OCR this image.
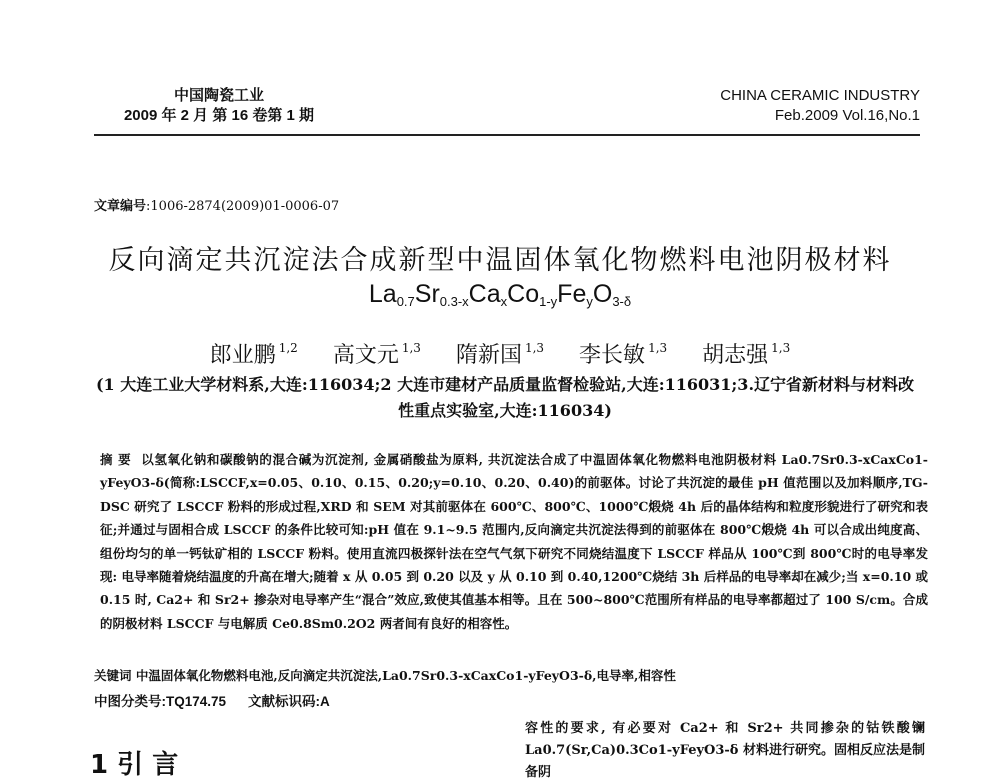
中国陶瓷工业
2009 年 2 月 第 16 卷第 1 期
CHINA CERAMIC INDUSTRY
Feb.2009 Vol.16,No.1
文章编号:1006-2874(2009)01-0006-07
反向滴定共沉淀法合成新型中温固体氧化物燃料电池阴极材料
$La_{0.7}Sr_{0.3-x}Ca_xCo_{1-y}Fe_yO_{3-\delta}$
郎业鹏 $^{1,2}$ 高文元 $^{1,3}$ 隋新国 $^{1,3}$ 李长敏 $^{1,3}$ 胡志强 $^{1,3}$
(1 大连工业大学材料系,大连:116034;2 大连市建材产品质量监督检验站,大连:116031;3.辽宁省新材料与材料改性重点实验室,大连:116034)
摘 要 以氢氧化钠和碳酸钠的混合碱为沉淀剂, 金属硝酸盐为原料, 共沉淀法合成了中温固体氧化物燃料电池阴极材料 La0.7Sr0.3-xCaxCo1-yFeyO3-δ(简称:LSCCF,x=0.05、0.10、0.15、0.20;y=0.10、0.20、0.40)的前驱体。讨论了共沉淀的最佳 pH 值范围以及加料顺序,TG-DSC 研究了 LSCCF 粉料的形成过程,XRD 和 SEM 对其前驱体在 600℃、800℃、1000℃煅烧 4h 后的晶体结构和粒度形貌进行了研究和表征;并通过与固相合成 LSCCF 的条件比较可知:pH 值在 9.1~9.5 范围内,反向滴定共沉淀法得到的前驱体在 800℃煅烧 4h 可以合成出纯度高、组份均匀的单一钙钛矿相的 LSCCF 粉料。使用直流四极探针法在空气气氛下研究不同烧结温度下 LSCCF 样品从 100℃到 800℃时的电导率发现: 电导率随着烧结温度的升高在增大;随着 x 从 0.05 到 0.20 以及 y 从 0.10 到 0.40,1200℃烧结 3h 后样品的电导率却在减少;当 x=0.10 或 0.15 时, Ca2+ 和 Sr2+ 掺杂对电导率产生“混合”效应,致使其值基本相等。且在 500~800℃范围所有样品的电导率都超过了 100 S/cm。合成的阴极材料 LSCCF 与电解质 Ce0.8Sm0.2O2 两者间有良好的相容性。
关键词 中温固体氧化物燃料电池,反向滴定共沉淀法,La0.7Sr0.3-xCaxCo1-yFeyO3-δ,电导率,相容性
中图分类号:TQ174.75 文献标识码:A
容性的要求, 有必要对 Ca2+ 和 Sr2+ 共同掺杂的钴铁酸镧 La0.7(Sr,Ca)0.3Co1-yFeyO3-δ 材料进行研究。固相反应法是制备阴
1 引 言
